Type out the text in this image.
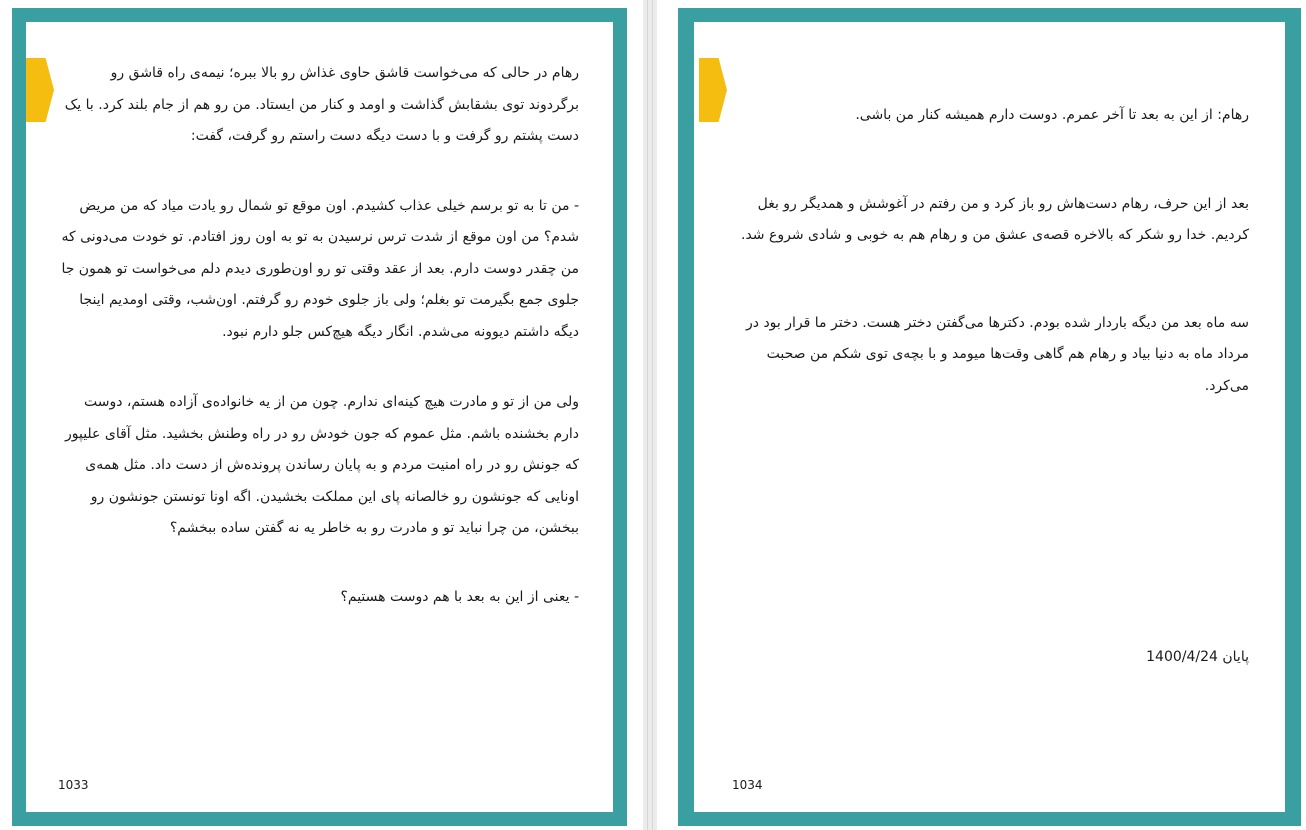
رهام در حالی که می‌خواست قاشق حاوی غذاش رو بالا ببره؛ نیمه‌ی راه قاشق رو برگردوند توی بشقابش گذاشت و اومد و کنار من ایستاد. من رو هم از جام بلند کرد. با یک دست پشتم رو گرفت و با دست دیگه دست راستم رو گرفت، گفت:

- من تا به تو برسم خیلی عذاب کشیدم. اون موقع تو شمال رو یادت میاد که من مریض شدم؟ من اون موقع از شدت ترس نرسیدن به تو به اون روز افتادم. تو خودت می‌دونی که من چقدر دوست دارم. بعد از عقد وقتی تو رو اون‌طوری دیدم دلم می‌خواست تو همون جا جلوی جمع بگیرمت تو بغلم؛ ولی باز جلوی خودم رو گرفتم. اون‌شب، وقتی اومدیم اینجا دیگه داشتم دیوونه می‌شدم. انگار دیگه هیچ‌کس جلو دارم نبود.

ولی من از تو و مادرت هیچ کینه‌ای ندارم. چون من از یه خانواده‌ی آزاده هستم، دوست دارم بخشنده باشم. مثل عموم که جون خودش رو در راه وطنش بخشید. مثل آقای علیپور که جونش رو در راه امنیت مردم و به پایان رساندن پرونده‌ش از دست داد. مثل همه‌ی اونایی که جونشون رو خالصانه پای این مملکت بخشیدن. اگه اونا تونستن جونشون رو ببخشن، من چرا نباید تو و مادرت رو به خاطر یه نه گفتن ساده ببخشم؟

- یعنی از این به بعد با هم دوست هستیم؟

1033

رهام: از این به بعد تا آخر عمرم. دوست دارم همیشه کنار من باشی.

بعد از این حرف، رهام دست‌هاش رو باز کرد و من رفتم در آغوشش و همدیگر رو بغل کردیم. خدا رو شکر که بالاخره قصه‌ی عشق من و رهام هم به خوبی و شادی شروع شد.

سه ماه بعد من دیگه باردار شده بودم. دکترها می‌گفتن دختر هست. دختر ما قرار بود در مرداد ماه به دنیا بیاد و رهام هم گاهی وقت‌ها میومد و با بچه‌ی توی شکم من صحبت می‌کرد.

پایان 1400/4/24

1034
